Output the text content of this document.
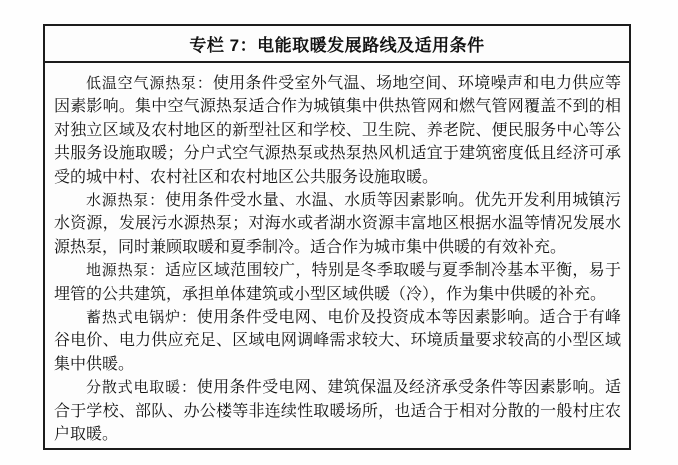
专栏 7：电能取暖发展路线及适用条件

低温空气源热泵：使用条件受室外气温、场地空间、环境噪声和电力供应等因素影响。集中空气源热泵适合作为城镇集中供热管网和燃气管网覆盖不到的相对独立区域及农村地区的新型社区和学校、卫生院、养老院、便民服务中心等公共服务设施取暖；分户式空气源热泵或热泵热风机适宜于建筑密度低且经济可承受的城中村、农村社区和农村地区公共服务设施取暖。

水源热泵：使用条件受水量、水温、水质等因素影响。优先开发利用城镇污水资源，发展污水源热泵；对海水或者湖水资源丰富地区根据水温等情况发展水源热泵，同时兼顾取暖和夏季制冷。适合作为城市集中供暖的有效补充。

地源热泵：适应区域范围较广，特别是冬季取暖与夏季制冷基本平衡，易于埋管的公共建筑，承担单体建筑或小型区域供暖（冷），作为集中供暖的补充。

蓄热式电锅炉：使用条件受电网、电价及投资成本等因素影响。适合于有峰谷电价、电力供应充足、区域电网调峰需求较大、环境质量要求较高的小型区域集中供暖。

分散式电取暖：使用条件受电网、建筑保温及经济承受条件等因素影响。适合于学校、部队、办公楼等非连续性取暖场所，也适合于相对分散的一般村庄农户取暖。
